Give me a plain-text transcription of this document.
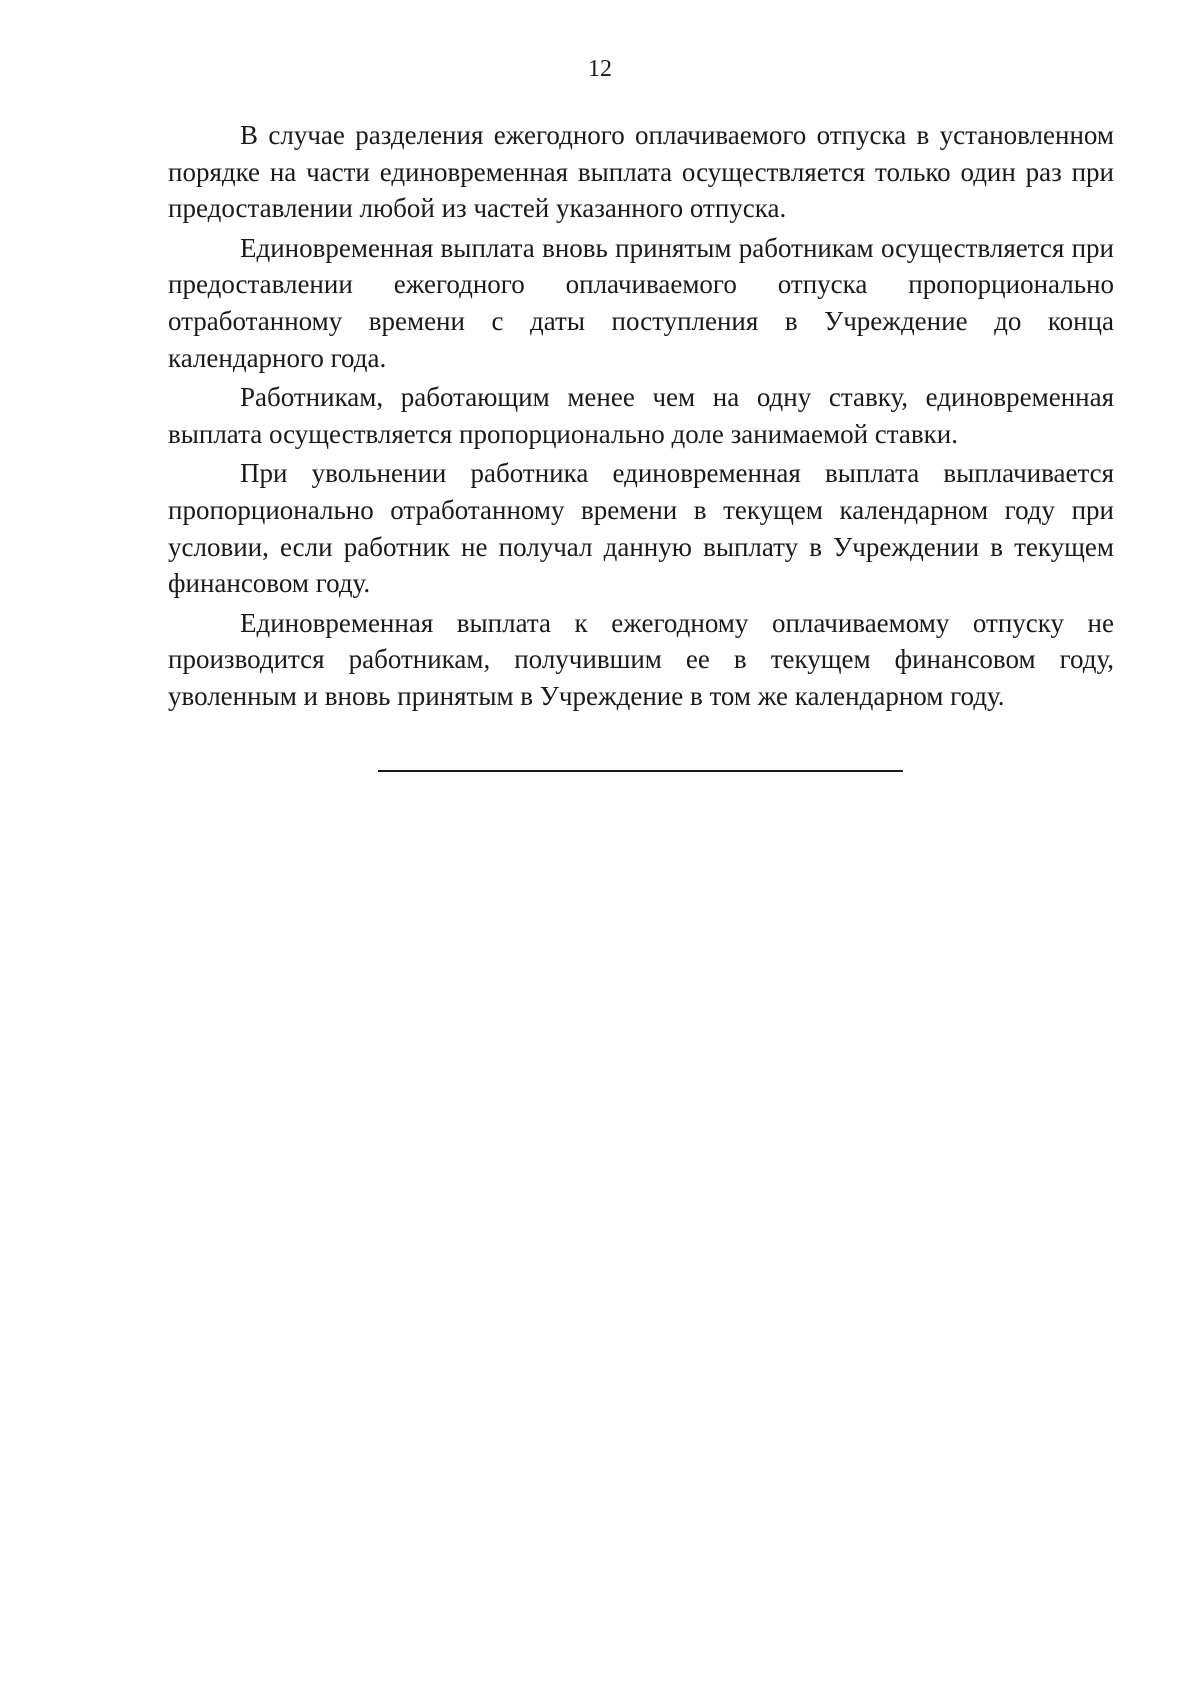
12

В случае разделения ежегодного оплачиваемого отпуска в установленном порядке на части единовременная выплата осуществляется только один раз при предоставлении любой из частей указанного отпуска.

Единовременная выплата вновь принятым работникам осуществляется при предоставлении ежегодного оплачиваемого отпуска пропорционально отработанному времени с даты поступления в Учреждение до конца календарного года.

Работникам, работающим менее чем на одну ставку, единовременная выплата осуществляется пропорционально доле занимаемой ставки.

При увольнении работника единовременная выплата выплачивается пропорционально отработанному времени в текущем календарном году при условии, если работник не получал данную выплату в Учреждении в текущем финансовом году.

Единовременная выплата к ежегодному оплачиваемому отпуску не производится работникам, получившим ее в текущем финансовом году, уволенным и вновь принятым в Учреждение в том же календарном году.
